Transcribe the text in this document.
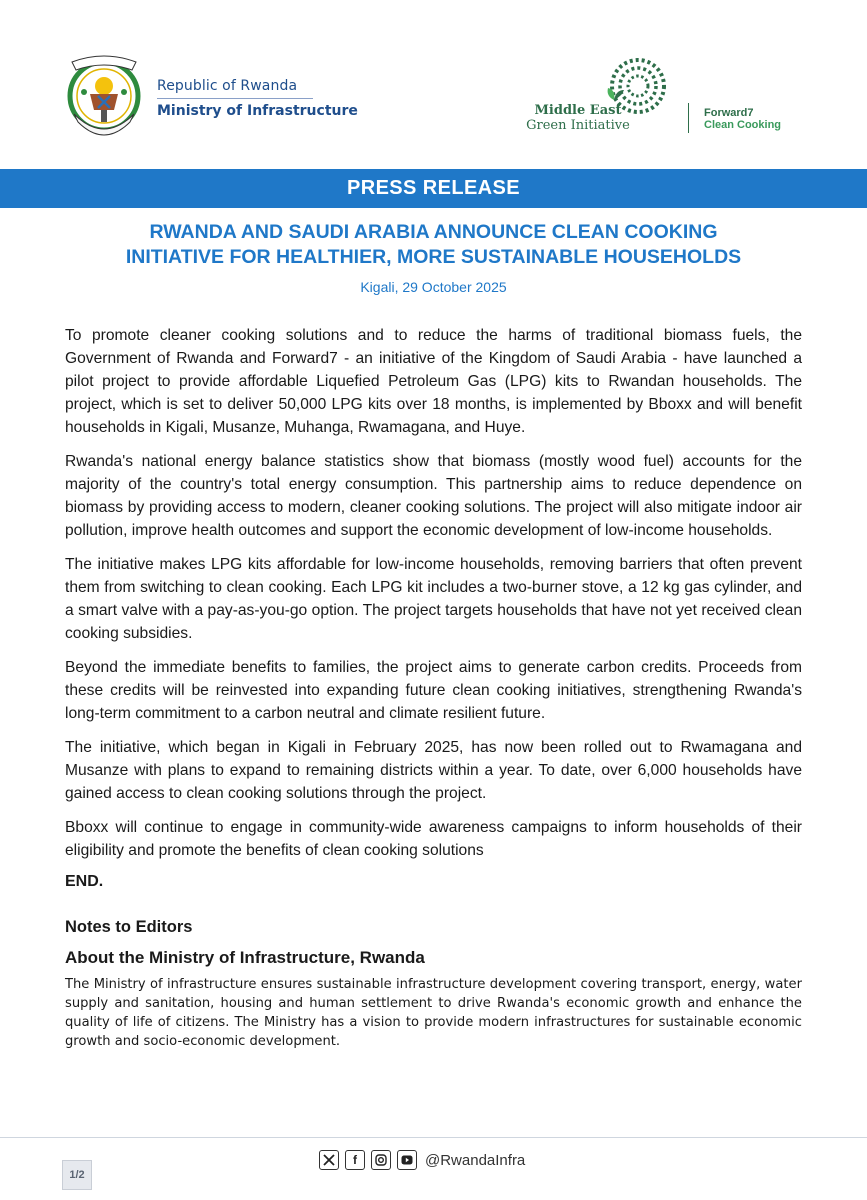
Republic of Rwanda
Ministry of Infrastructure	Middle East
Green Initiative
Forward7
Clean Cooking
PRESS RELEASE
RWANDA AND SAUDI ARABIA ANNOUNCE CLEAN COOKING
INITIATIVE FOR HEALTHIER, MORE SUSTAINABLE HOUSEHOLDS
Kigali, 29 October 2025

To promote cleaner cooking solutions and to reduce the harms of traditional biomass fuels, the Government of Rwanda and Forward7 - an initiative of the Kingdom of Saudi Arabia - have launched a pilot project to provide affordable Liquefied Petroleum Gas (LPG) kits to Rwandan households. The project, which is set to deliver 50,000 LPG kits over 18 months, is implemented by Bboxx and will benefit households in Kigali, Musanze, Muhanga, Rwamagana, and Huye.

Rwanda's national energy balance statistics show that biomass (mostly wood fuel) accounts for the majority of the country's total energy consumption. This partnership aims to reduce dependence on biomass by providing access to modern, cleaner cooking solutions. The project will also mitigate indoor air pollution, improve health outcomes and support the economic development of low-income households.

The initiative makes LPG kits affordable for low-income households, removing barriers that often prevent them from switching to clean cooking. Each LPG kit includes a two-burner stove, a 12 kg gas cylinder, and a smart valve with a pay-as-you-go option. The project targets households that have not yet received clean cooking subsidies.

Beyond the immediate benefits to families, the project aims to generate carbon credits. Proceeds from these credits will be reinvested into expanding future clean cooking initiatives, strengthening Rwanda's long-term commitment to a carbon neutral and climate resilient future.

The initiative, which began in Kigali in February 2025, has now been rolled out to Rwamagana and Musanze with plans to expand to remaining districts within a year. To date, over 6,000 households have gained access to clean cooking solutions through the project.

Bboxx will continue to engage in community-wide awareness campaigns to inform households of their eligibility and promote the benefits of clean cooking solutions

END.
Notes to Editors
About the Ministry of Infrastructure, Rwanda

The Ministry of infrastructure ensures sustainable infrastructure development covering transport, energy, water supply and sanitation, housing and human settlement to drive Rwanda's economic growth and enhance the quality of life of citizens. The Ministry has a vision to provide modern infrastructures for sustainable economic growth and socio-economic development.

1/2
f	@RwandaInfra
